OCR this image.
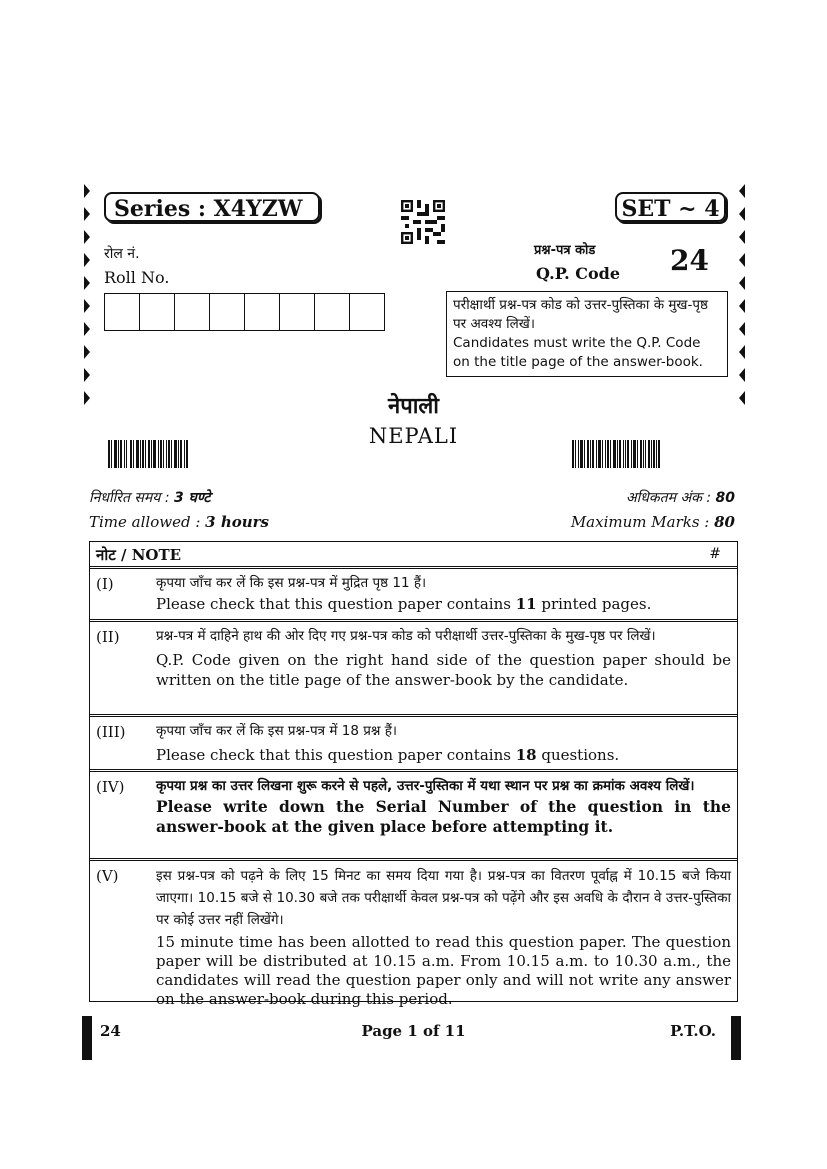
Series : X4YZW	SET ~ 4
रोल नं.
Roll No.
प्रश्न-पत्र कोड
Q.P. Code 24
परीक्षार्थी प्रश्न-पत्र कोड को उत्तर-पुस्तिका के मुख-पृष्ठ पर अवश्य लिखें।
Candidates must write the Q.P. Code on the title page of the answer-book.
नेपाली
NEPALI
निर्धारित समय : 3 घण्टे	अधिकतम अंक : 80
Time allowed : 3 hours	Maximum Marks : 80
नोट / NOTE	#
(I)	कृपया जाँच कर लें कि इस प्रश्न-पत्र में मुद्रित पृष्ठ 11 हैं।
Please check that this question paper contains 11 printed pages.
(II)	प्रश्न-पत्र में दाहिने हाथ की ओर दिए गए प्रश्न-पत्र कोड को परीक्षार्थी उत्तर-पुस्तिका के मुख-पृष्ठ पर लिखें।
Q.P. Code given on the right hand side of the question paper should be written on the title page of the answer-book by the candidate.
(III) कृपया जाँच कर लें कि इस प्रश्न-पत्र में 18 प्रश्न हैं।
Please check that this question paper contains 18 questions.
(IV) कृपया प्रश्न का उत्तर लिखना शुरू करने से पहले, उत्तर-पुस्तिका में यथा स्थान पर प्रश्न का क्रमांक अवश्य लिखें।
Please write down the Serial Number of the question in the answer-book at the given place before attempting it.
(V)	इस प्रश्न-पत्र को पढ़ने के लिए 15 मिनट का समय दिया गया है। प्रश्न-पत्र का वितरण पूर्वाह्न में 10.15 बजे किया जाएगा। 10.15 बजे से 10.30 बजे तक परीक्षार्थी केवल प्रश्न-पत्र को पढ़ेंगे और इस अवधि के दौरान वे उत्तर-पुस्तिका पर कोई उत्तर नहीं लिखेंगे।
15 minute time has been allotted to read this question paper. The question paper will be distributed at 10.15 a.m. From 10.15 a.m. to 10.30 a.m., the candidates will read the question paper only and will not write any answer on the answer-book during this period.
24	Page 1 of 11	P.T.O.
